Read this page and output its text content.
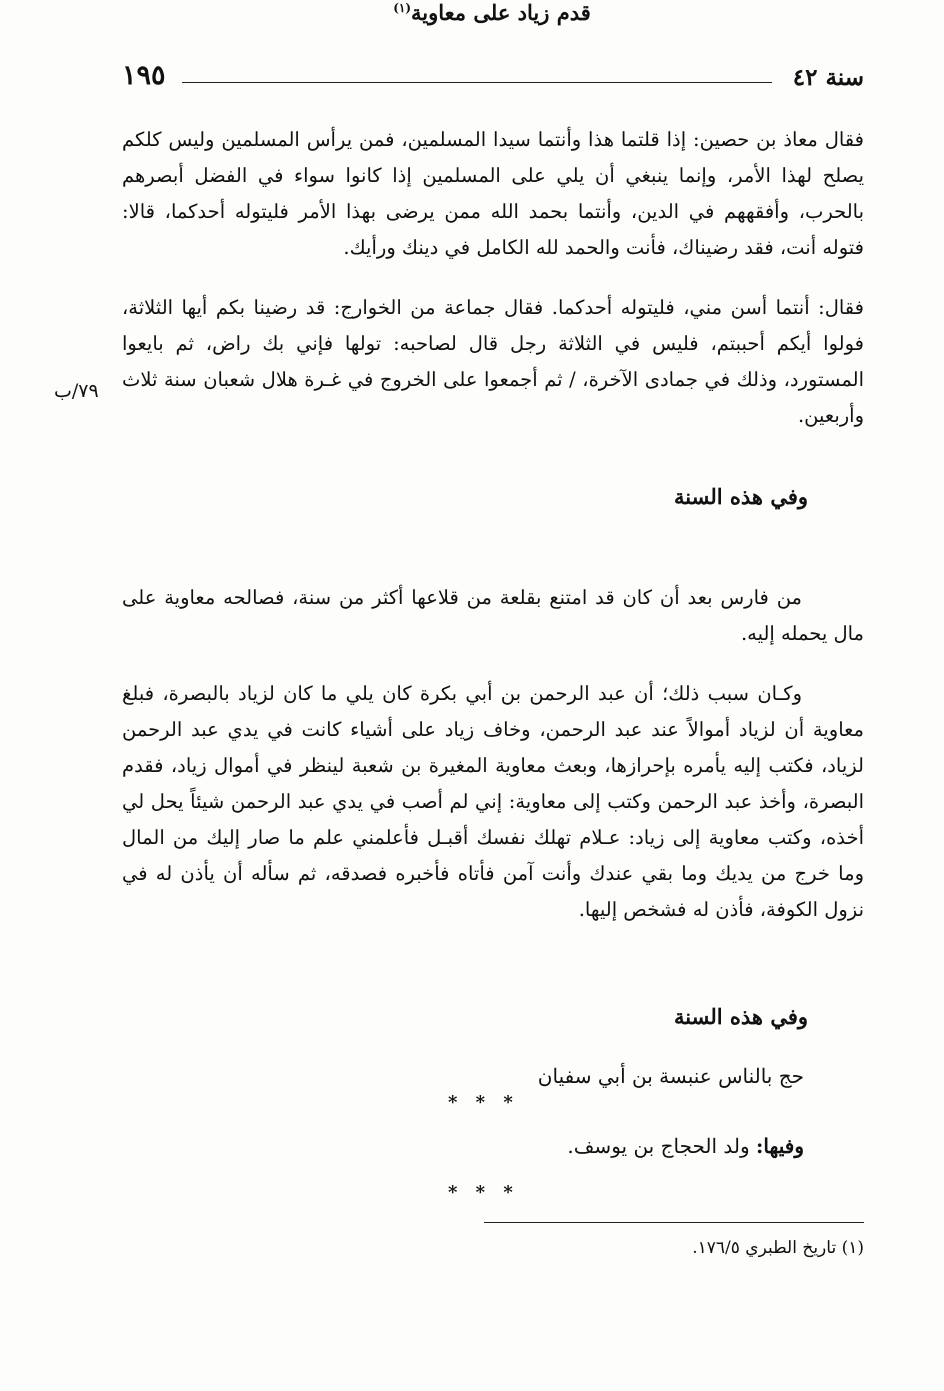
سنة ٤٢
١٩٥
فقال معاذ بن حصين: إذا قلتما هذا وأنتما سيدا المسلمين، فمن يرأس المسلمين وليس كلكم يصلح لهذا الأمر، وإنما ينبغي أن يلي على المسلمين إذا كانوا سواء في الفضل أبصرهم بالحرب، وأفقههم في الدين، وأنتما بحمد الله ممن يرضى بهذا الأمر فليتوله أحدكما، قالا: فتوله أنت، فقد رضيناك، فأنت والحمد لله الكامل في دينك ورأيك.
فقال: أنتما أسن مني، فليتوله أحدكما. فقال جماعة من الخوارج: قد رضينا بكم أيها الثلاثة، فولوا أيكم أحببتم، فليس في الثلاثة رجل قال لصاحبه: تولها فإني بك راض، ثم بايعوا المستورد، وذلك في جمادى الآخرة، / ثم أجمعوا على الخروج في غـرة هلال شعبان سنة ثلاث وأربعين.
٧٩/ب
وفي هذه السنة
قدم زياد على معاوية$^{(١)}$
من فارس بعد أن كان قد امتنع بقلعة من قلاعها أكثر من سنة، فصالحه معاوية على مال يحمله إليه.
وكـان سبب ذلك؛ أن عبد الرحمن بن أبي بكرة كان يلي ما كان لزياد بالبصرة، فبلغ معاوية أن لزياد أموالاً عند عبد الرحمن، وخاف زياد على أشياء كانت في يدي عبد الرحمن لزياد، فكتب إليه يأمره بإحرازها، وبعث معاوية المغيرة بن شعبة لينظر في أموال زياد، فقدم البصرة، وأخذ عبد الرحمن وكتب إلى معاوية: إني لم أصب في يدي عبد الرحمن شيئاً يحل لي أخذه، وكتب معاوية إلى زياد: عـلام تهلك نفسك أقبـل فأعلمني علم ما صار إليك من المال وما خرج من يديك وما بقي عندك وأنت آمن فأتاه فأخبره فصدقه، ثم سأله أن يأذن له في نزول الكوفة، فأذن له فشخص إليها.
وفي هذه السنة
حج بالناس عنبسة بن أبي سفيان
* * *
وفيها: ولد الحجاج بن يوسف.
* * *
(١) تاريخ الطبري ١٧٦/٥.
